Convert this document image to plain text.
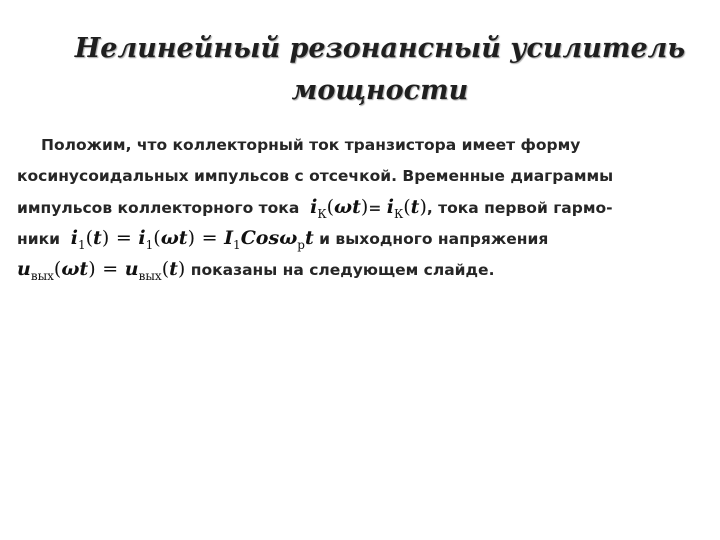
Нелинейный резонансный усилитель
мощности
Положим, что коллекторный ток транзистора имеет форму
косинусоидальных импульсов с отсечкой. Временные диаграммы
импульсов коллекторного тока $i_К(\omega t)= i_К(t)$, тока первой гармо-
ники $i_1(t) = i_1(\omega t) = I_1Cos\omega_рt$ и выходного напряжения
$u_{вых}(\omega t) = u_{вых}(t)$ показаны на следующем слайде.
